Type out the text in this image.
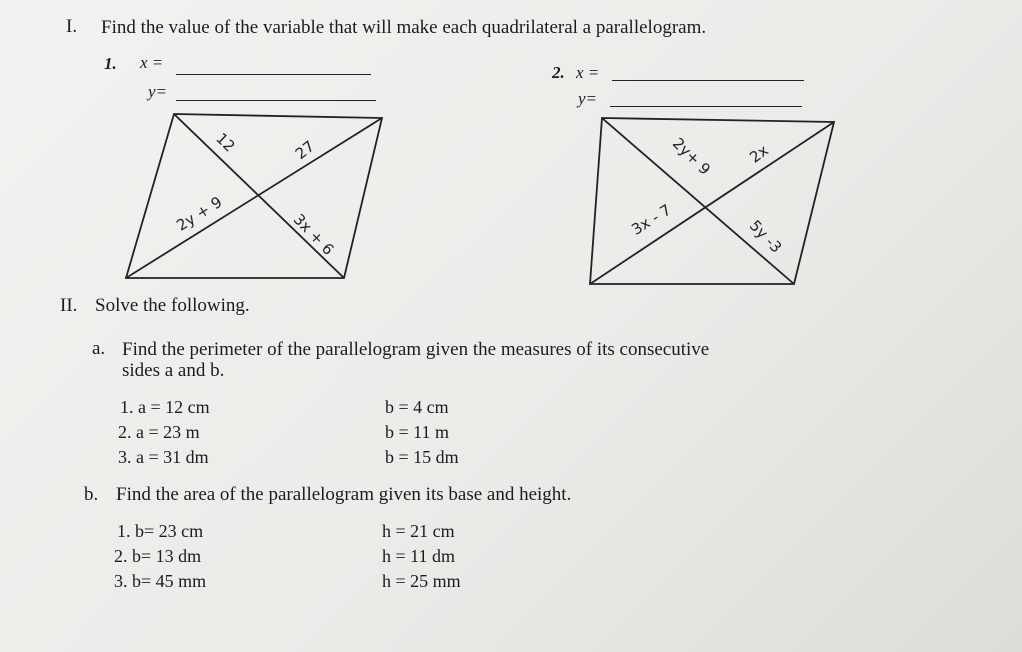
I. Find the value of the variable that will make each quadrilateral a parallelogram.
1. x =
y=
2. x =
y=
12	27
2y + 9	3x + 6
2y+ 9 2x
3x - 7	5y -3
II. Solve the following.
a. Find the perimeter of the parallelogram given the measures of its consecutive
sides a and b.
1. a = 12 cm	b = 4 cm
2. a = 23 m	b = 11 m
3. a = 31 dm	b = 15 dm
b. Find the area of the parallelogram given its base and height.
1. b= 23 cm	h = 21 cm
2. b= 13 dm	h = 11 dm
3. b= 45 mm	h = 25 mm
